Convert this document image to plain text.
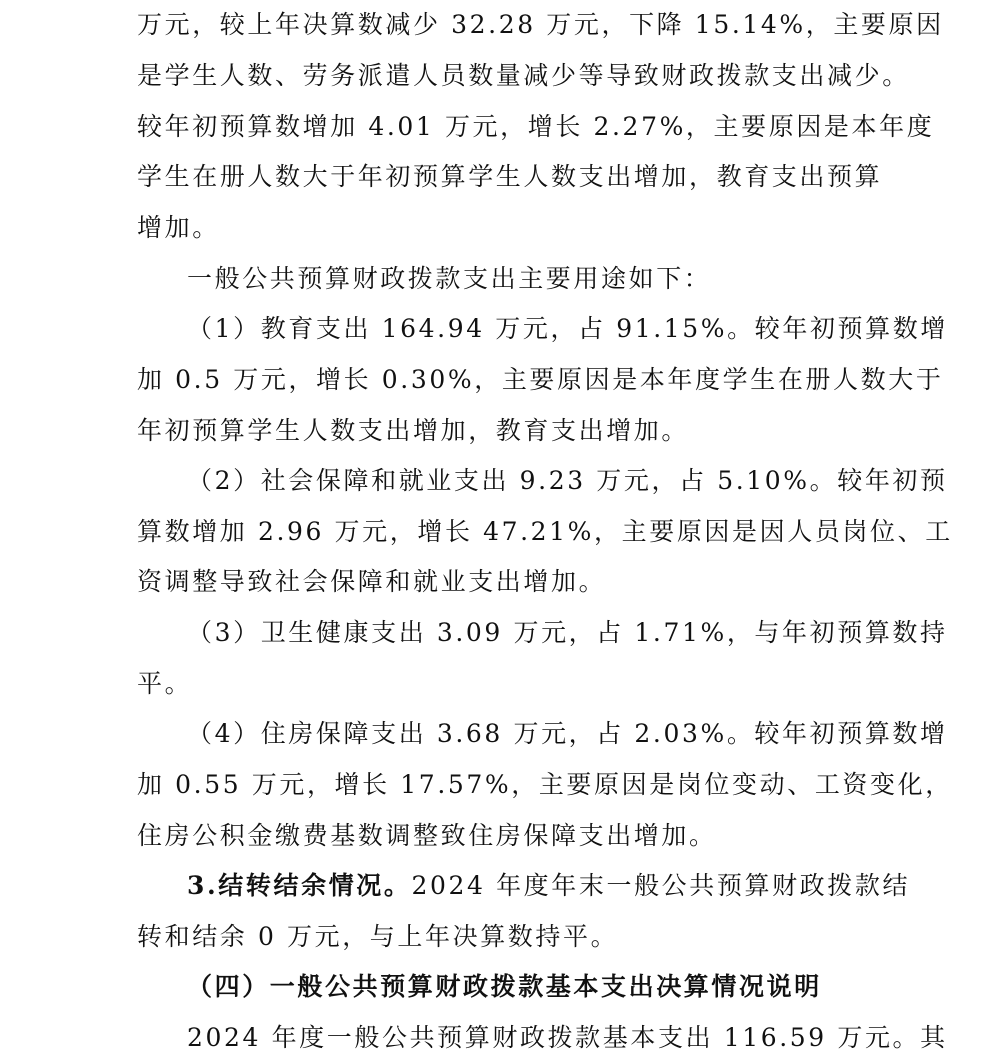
万元，较上年决算数减少 32.28 万元，下降 15.14%，主要原因
是学生人数、劳务派遣人员数量减少等导致财政拨款支出减少。
较年初预算数增加 4.01 万元，增长 2.27%，主要原因是本年度
学生在册人数大于年初预算学生人数支出增加，教育支出预算
增加。
一般公共预算财政拨款支出主要用途如下：
（1）教育支出 164.94 万元，占 91.15%。较年初预算数增
加 0.5 万元，增长 0.30%，主要原因是本年度学生在册人数大于
年初预算学生人数支出增加，教育支出增加。
（2）社会保障和就业支出 9.23 万元，占 5.10%。较年初预
算数增加 2.96 万元，增长 47.21%，主要原因是因人员岗位、工
资调整导致社会保障和就业支出增加。
（3）卫生健康支出 3.09 万元，占 1.71%，与年初预算数持
平。
（4）住房保障支出 3.68 万元，占 2.03%。较年初预算数增
加 0.55 万元，增长 17.57%，主要原因是岗位变动、工资变化，
住房公积金缴费基数调整致住房保障支出增加。
3.结转结余情况。2024 年度年末一般公共预算财政拨款结
转和结余 0 万元，与上年决算数持平。
（四）一般公共预算财政拨款基本支出决算情况说明
2024 年度一般公共预算财政拨款基本支出 116.59 万元。其
